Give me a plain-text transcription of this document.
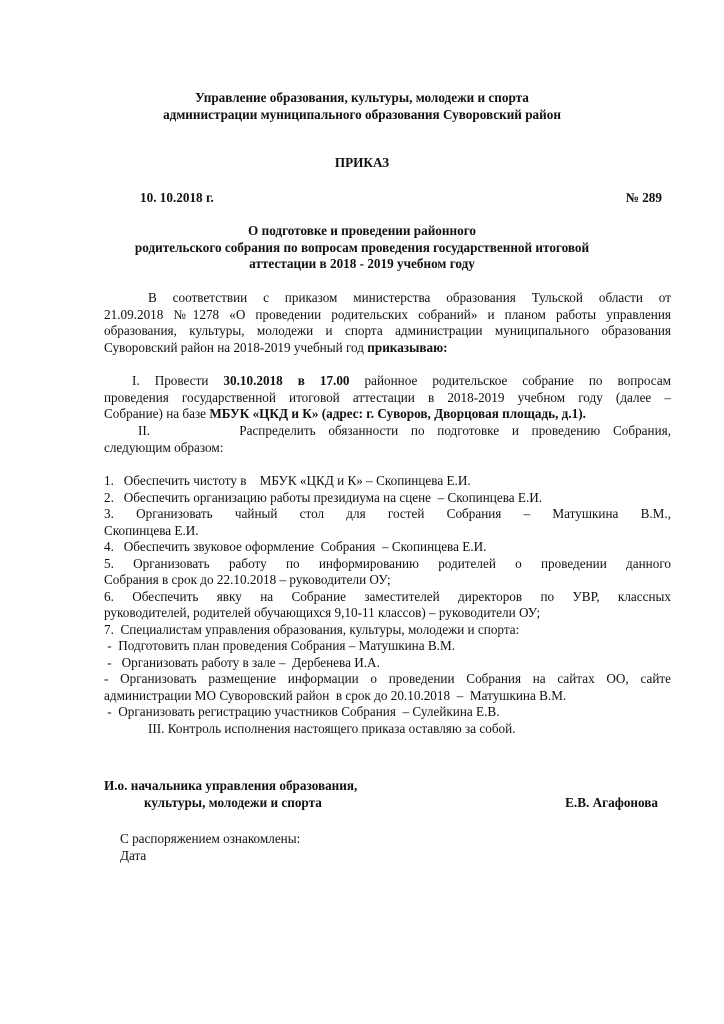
Управление образования, культуры, молодежи и спорта
администрации муниципального образования Суворовский район
ПРИКАЗ
10. 10.2018 г.	№ 289
О подготовке и проведении районного
родительского собрания по вопросам проведения государственной итоговой
аттестации в 2018 - 2019 учебном году
В соответствии с приказом министерства образования Тульской области от
21.09.2018 №1278 «О проведении родительских собраний» и планом работы управления
образования, культуры, молодежи и спорта администрации муниципального образования
Суворовский район на 2018-2019 учебный год приказываю:
I. Провести 30.10.2018 в 17.00 районное родительское собрание по вопросам
проведения государственной итоговой аттестации в 2018-2019 учебном году (далее –
Собрание) на базе МБУК «ЦКД и К» (адрес: г. Суворов, Дворцовая площадь, д.1).
II.	Распределить обязанности по подготовке и проведению Собрания,
следующим образом:
1.   Обеспечить чистоту в    МБУК «ЦКД и К» – Скопинцева Е.И.
2.   Обеспечить организацию работы президиума на сцене  – Скопинцева Е.И.
3. Организовать чайный стол для гостей Собрания – Матушкина В.М.,
Скопинцева Е.И.
4.   Обеспечить звуковое оформление  Собрания  – Скопинцева Е.И.
5. Организовать работу по информированию родителей о проведении данного
Собрания в срок до 22.10.2018 – руководители ОУ;
6. Обеспечить явку на Собрание заместителей директоров по УВР, классных
руководителей, родителей обучающихся 9,10-11 классов) – руководители ОУ;
7.  Специалистам управления образования, культуры, молодежи и спорта:
-  Подготовить план проведения Собрания – Матушкина В.М.
-   Организовать работу в зале –  Дербенева И.А.
- Организовать размещение информации о проведении Собрания на сайтах ОО, сайте
администрации МО Суворовский район  в срок до 20.10.2018  –  Матушкина В.М.
-  Организовать регистрацию участников Собрания  – Сулейкина Е.В.
III. Контроль исполнения настоящего приказа оставляю за собой.
И.о. начальника управления образования,
культуры, молодежи и спорта	Е.В. Агафонова
С распоряжением ознакомлены:
Дата
